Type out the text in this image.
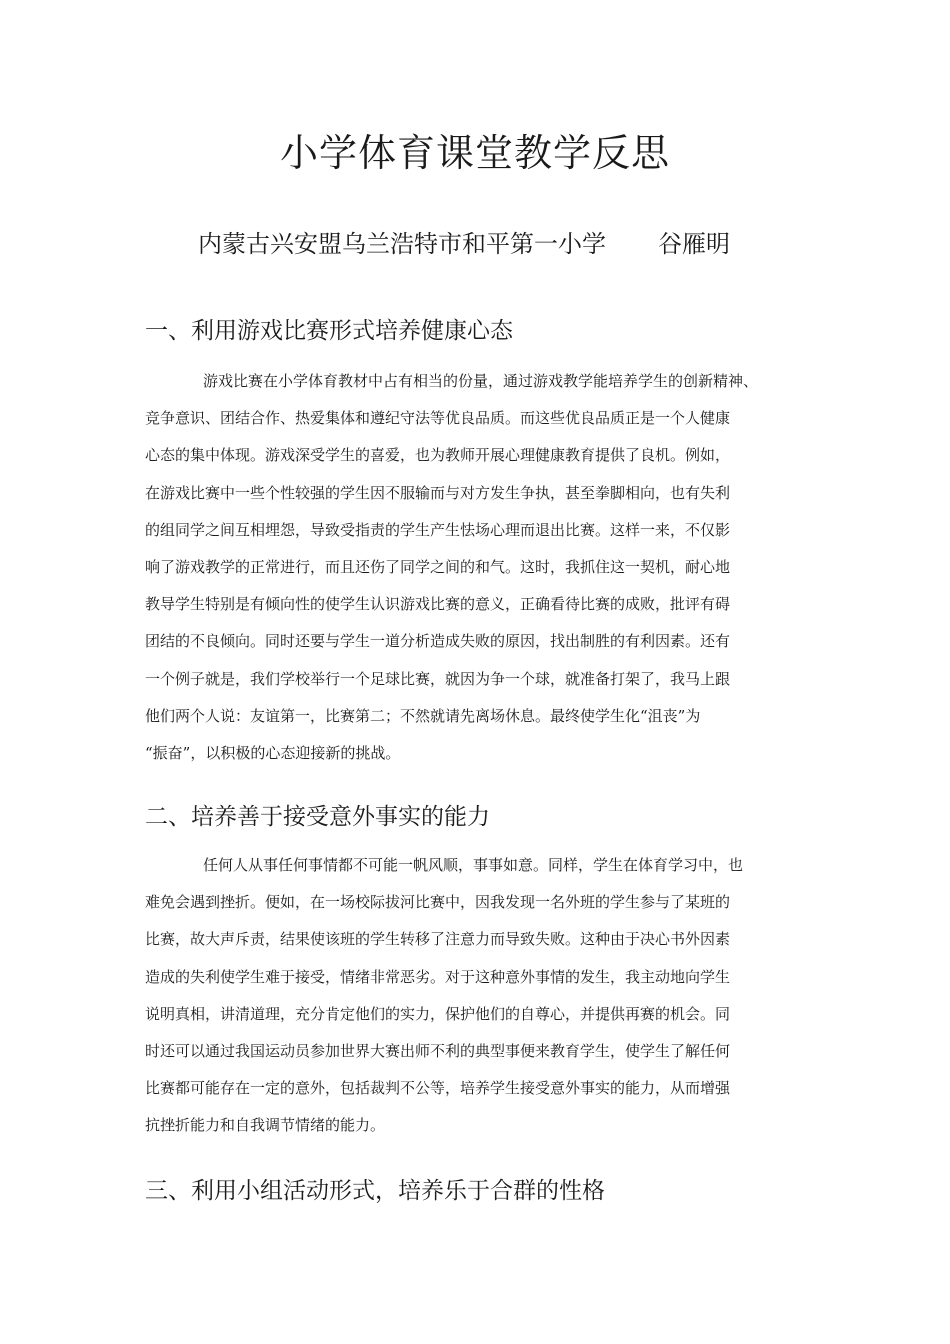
小学体育课堂教学反思
内蒙古兴安盟乌兰浩特市和平第一小学 谷雁明
一、利用游戏比赛形式培养健康心态
游戏比赛在小学体育教材中占有相当的份量，通过游戏教学能培养学生的创新精神、
竞争意识、团结合作、热爱集体和遵纪守法等优良品质。而这些优良品质正是一个人健康
心态的集中体现。游戏深受学生的喜爱，也为教师开展心理健康教育提供了良机。例如，
在游戏比赛中一些个性较强的学生因不服输而与对方发生争执，甚至拳脚相向，也有失利
的组同学之间互相埋怨，导致受指责的学生产生怯场心理而退出比赛。这样一来，不仅影
响了游戏教学的正常进行，而且还伤了同学之间的和气。这时，我抓住这一契机，耐心地
教导学生特别是有倾向性的使学生认识游戏比赛的意义，正确看待比赛的成败，批评有碍
团结的不良倾向。同时还要与学生一道分析造成失败的原因，找出制胜的有利因素。还有
一个例子就是，我们学校举行一个足球比赛，就因为争一个球，就准备打架了，我马上跟
他们两个人说：友谊第一，比赛第二；不然就请先离场休息。最终使学生化“沮丧”为
“振奋”，以积极的心态迎接新的挑战。
二、培养善于接受意外事实的能力
任何人从事任何事情都不可能一帆风顺，事事如意。同样，学生在体育学习中，也
难免会遇到挫折。便如，在一场校际拔河比赛中，因我发现一名外班的学生参与了某班的
比赛，故大声斥责，结果使该班的学生转移了注意力而导致失败。这种由于决心书外因素
造成的失利使学生难于接受，情绪非常恶劣。对于这种意外事情的发生，我主动地向学生
说明真相，讲清道理，充分肯定他们的实力，保护他们的自尊心，并提供再赛的机会。同
时还可以通过我国运动员参加世界大赛出师不利的典型事便来教育学生，使学生了解任何
比赛都可能存在一定的意外，包括裁判不公等，培养学生接受意外事实的能力，从而增强
抗挫折能力和自我调节情绪的能力。
三、利用小组活动形式，培养乐于合群的性格
